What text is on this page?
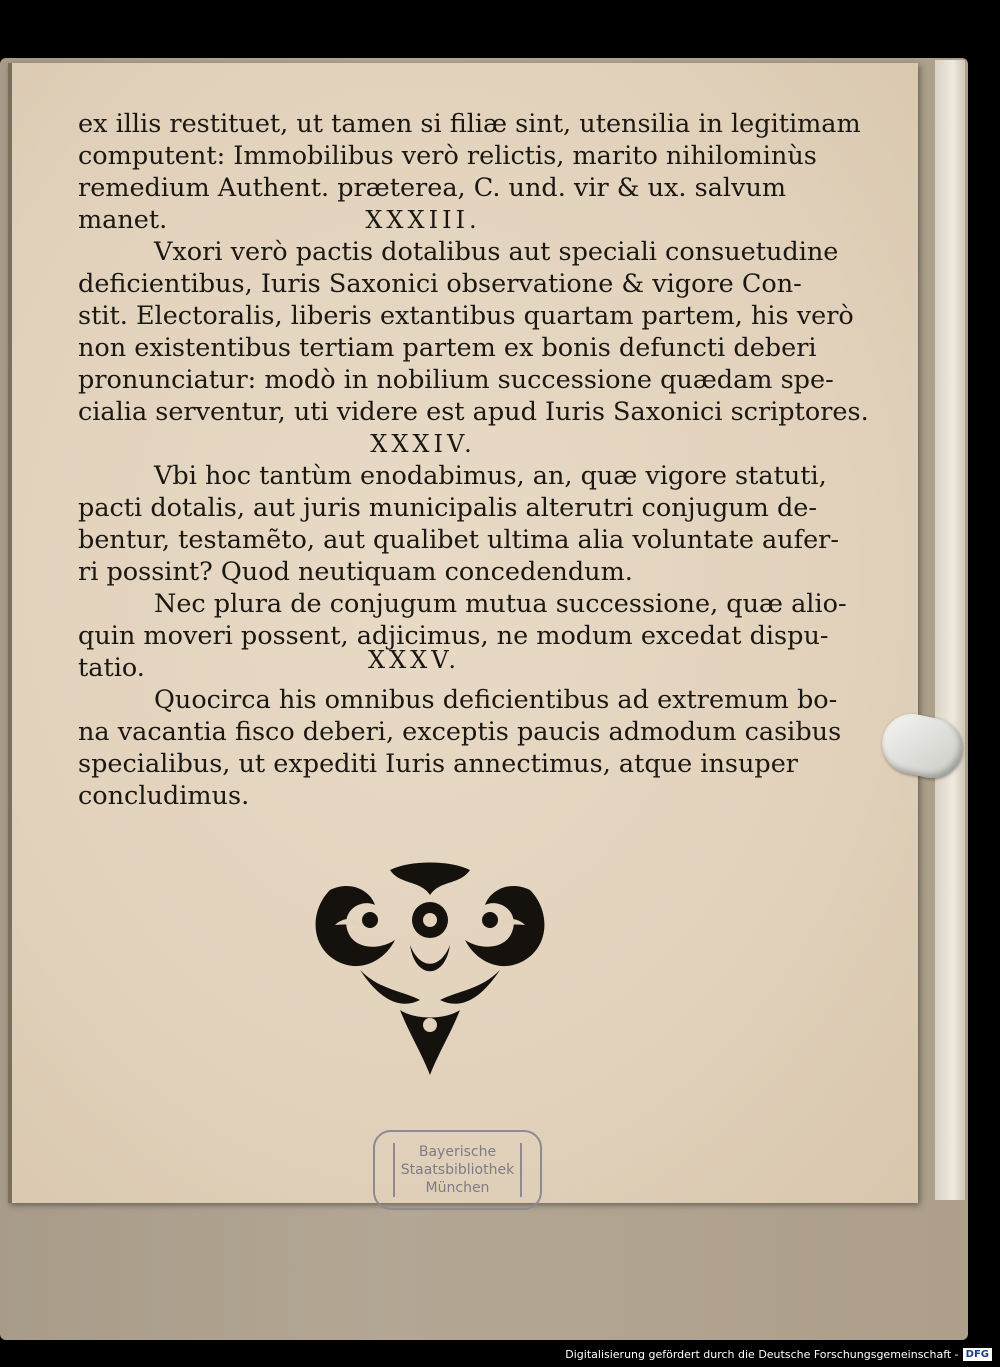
ex illis restituet, ut tamen si filiæ sint, utensilia in legitimam
computent: Immobilibus verò relictis, marito nihilominùs
remedium Authent. præterea, C. und. vir & ux. salvum
manet.	XXXIII.
Vxori verò pactis dotalibus aut speciali consuetudine
deficientibus, Iuris Saxonici observatione & vigore Con-
stit. Electoralis, liberis extantibus quartam partem, his verò
non existentibus tertiam partem ex bonis defuncti deberi
pronunciatur: modò in nobilium successione quædam spe-
cialia serventur, uti videre est apud Iuris Saxonici scriptores.
XXXIV.
Vbi hoc tantùm enodabimus, an, quæ vigore statuti,
pacti dotalis, aut juris municipalis alterutri conjugum de-
bentur, testamẽto, aut qualibet ultima alia voluntate aufer-
ri possint? Quod neutiquam concedendum.
Nec plura de conjugum mutua successione, quæ alio-
quin moveri possent, adjicimus, ne modum excedat dispu-
tatio.	XXXV.
Quocirca his omnibus deficientibus ad extremum bo-
na vacantia fisco deberi, exceptis paucis admodum casibus
specialibus, ut expediti Iuris annectimus, atque insuper
concludimus.
Bayerische
Staatsbibliothek
München
Digitalisierung gefördert durch die Deutsche Forschungsgemeinschaft - DFG
